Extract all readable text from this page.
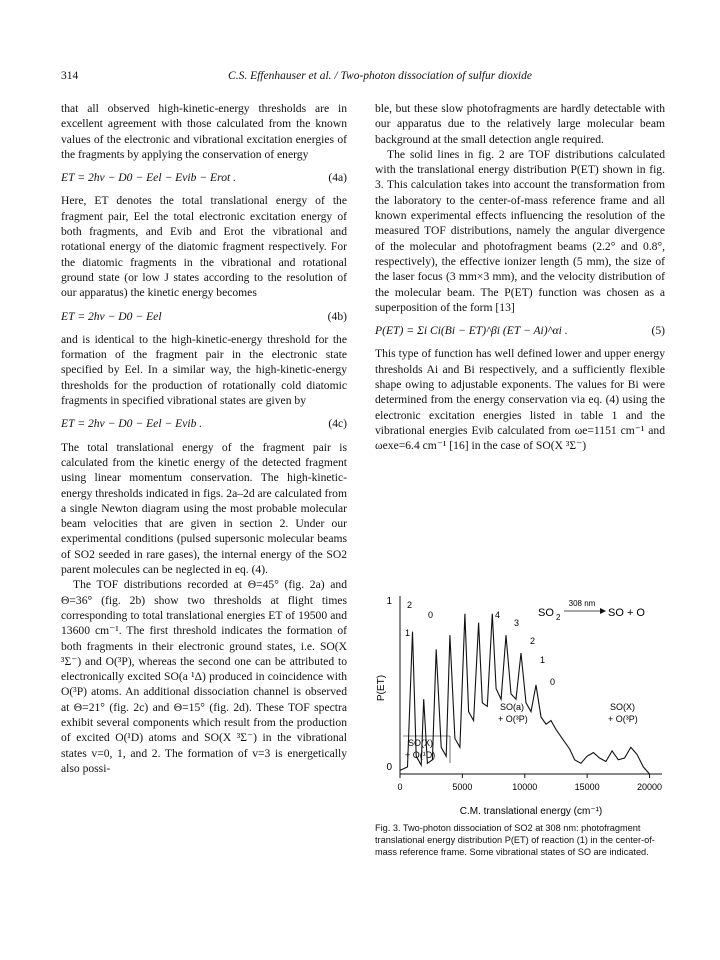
314	C.S. Effenhauser et al. / Two-photon dissociation of sulfur dioxide

that all observed high-kinetic-energy thresholds are in excellent agreement with those calculated from the known values of the electronic and vibrational excitation energies of the fragments by applying the conservation of energy

ET = 2hν − D0 − Eel − Evib − Erot .	(4a)

Here, ET denotes the total translational energy of the fragment pair, Eel the total electronic excitation energy of both fragments, and Evib and Erot the vibrational and rotational energy of the diatomic fragment respectively. For the diatomic fragments in the vibrational and rotational ground state (or low J states according to the resolution of our apparatus) the kinetic energy becomes

ET = 2hν − D0 − Eel	(4b)

and is identical to the high-kinetic-energy threshold for the formation of the fragment pair in the electronic state specified by Eel. In a similar way, the high-kinetic-energy thresholds for the production of rotationally cold diatomic fragments in specified vibrational states are given by

ET = 2hν − D0 − Eel − Evib .	(4c)

The total translational energy of the fragment pair is calculated from the kinetic energy of the detected fragment using linear momentum conservation. The high-kinetic-energy thresholds indicated in figs. 2a–2d are calculated from a single Newton diagram using the most probable molecular beam velocities that are given in section 2. Under our experimental conditions (pulsed supersonic molecular beams of SO2 seeded in rare gases), the internal energy of the SO2 parent molecules can be neglected in eq. (4).

The TOF distributions recorded at Θ=45° (fig. 2a) and Θ=36° (fig. 2b) show two thresholds at flight times corresponding to total translational energies ET of 19500 and 13600 cm⁻¹. The first threshold indicates the formation of both fragments in their electronic ground states, i.e. SO(X ³Σ⁻) and O(³P), whereas the second one can be attributed to electronically excited SO(a ¹Δ) produced in coincidence with O(³P) atoms. An additional dissociation channel is observed at Θ=21° (fig. 2c) and Θ=15° (fig. 2d). These TOF spectra exhibit several components which result from the production of excited O(¹D) atoms and SO(X ³Σ⁻) in the vibrational states v=0, 1, and 2. The formation of v=3 is energetically also possi-

ble, but these slow photofragments are hardly detectable with our apparatus due to the relatively large molecular beam background at the small detection angle required.

The solid lines in fig. 2 are TOF distributions calculated with the translational energy distribution P(ET) shown in fig. 3. This calculation takes into account the transformation from the laboratory to the center-of-mass reference frame and all known experimental effects influencing the resolution of the measured TOF distributions, namely the angular divergence of the molecular and photofragment beams (2.2° and 0.8°, respectively), the effective ionizer length (5 mm), the size of the laser focus (3 mm×3 mm), and the velocity distribution of the molecular beam. The P(ET) function was chosen as a superposition of the form [13]

P(ET) = Σi Ci(Bi − ET)^βi (ET − Ai)^αi .	(5)

This type of function has well defined lower and upper energy thresholds Ai and Bi respectively, and a sufficiently flexible shape owing to adjustable exponents. The values for Bi were determined from the energy conservation via eq. (4) using the electronic excitation energies listed in table 1 and the vibrational energies Evib calculated from ωe=1151 cm⁻¹ and ωexe=6.4 cm⁻¹ [16] in the case of SO(X ³Σ⁻)

1
0
P(ET)
C.M. translational energy (cm⁻¹)
SO 2
308 nm
SO + O
2
1
0	4
3
2
1
0
SO(a)
+ O(³P)
SO(X)
+ O(³P)
SO(X)
+ O(¹D)
0	5000	10000	15000	20000
Fig. 3. Two-photon dissociation of SO2 at 308 nm: photofragment translational energy distribution P(ET) of reaction (1) in the center-of-mass reference frame. Some vibrational states of SO are indicated.
